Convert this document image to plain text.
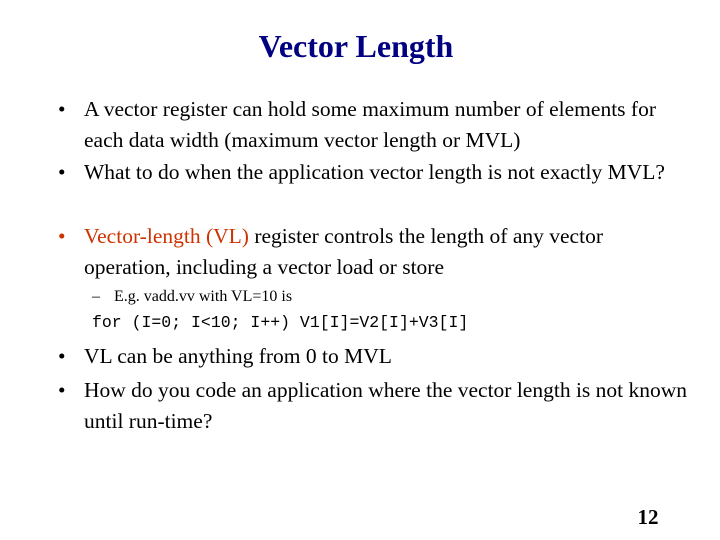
Vector Length
• A vector register can hold some maximum number of elements for each data width (maximum vector length or MVL)
• What to do when the application vector length is not exactly MVL?
• Vector-length (VL) register controls the length of any vector operation, including a vector load or store
– E.g. vadd.vv with VL=10 is
for (I=0; I<10; I++) V1[I]=V2[I]+V3[I]
• VL can be anything from 0 to MVL
• How do you code an application where the vector length is not known until run-time?
12
